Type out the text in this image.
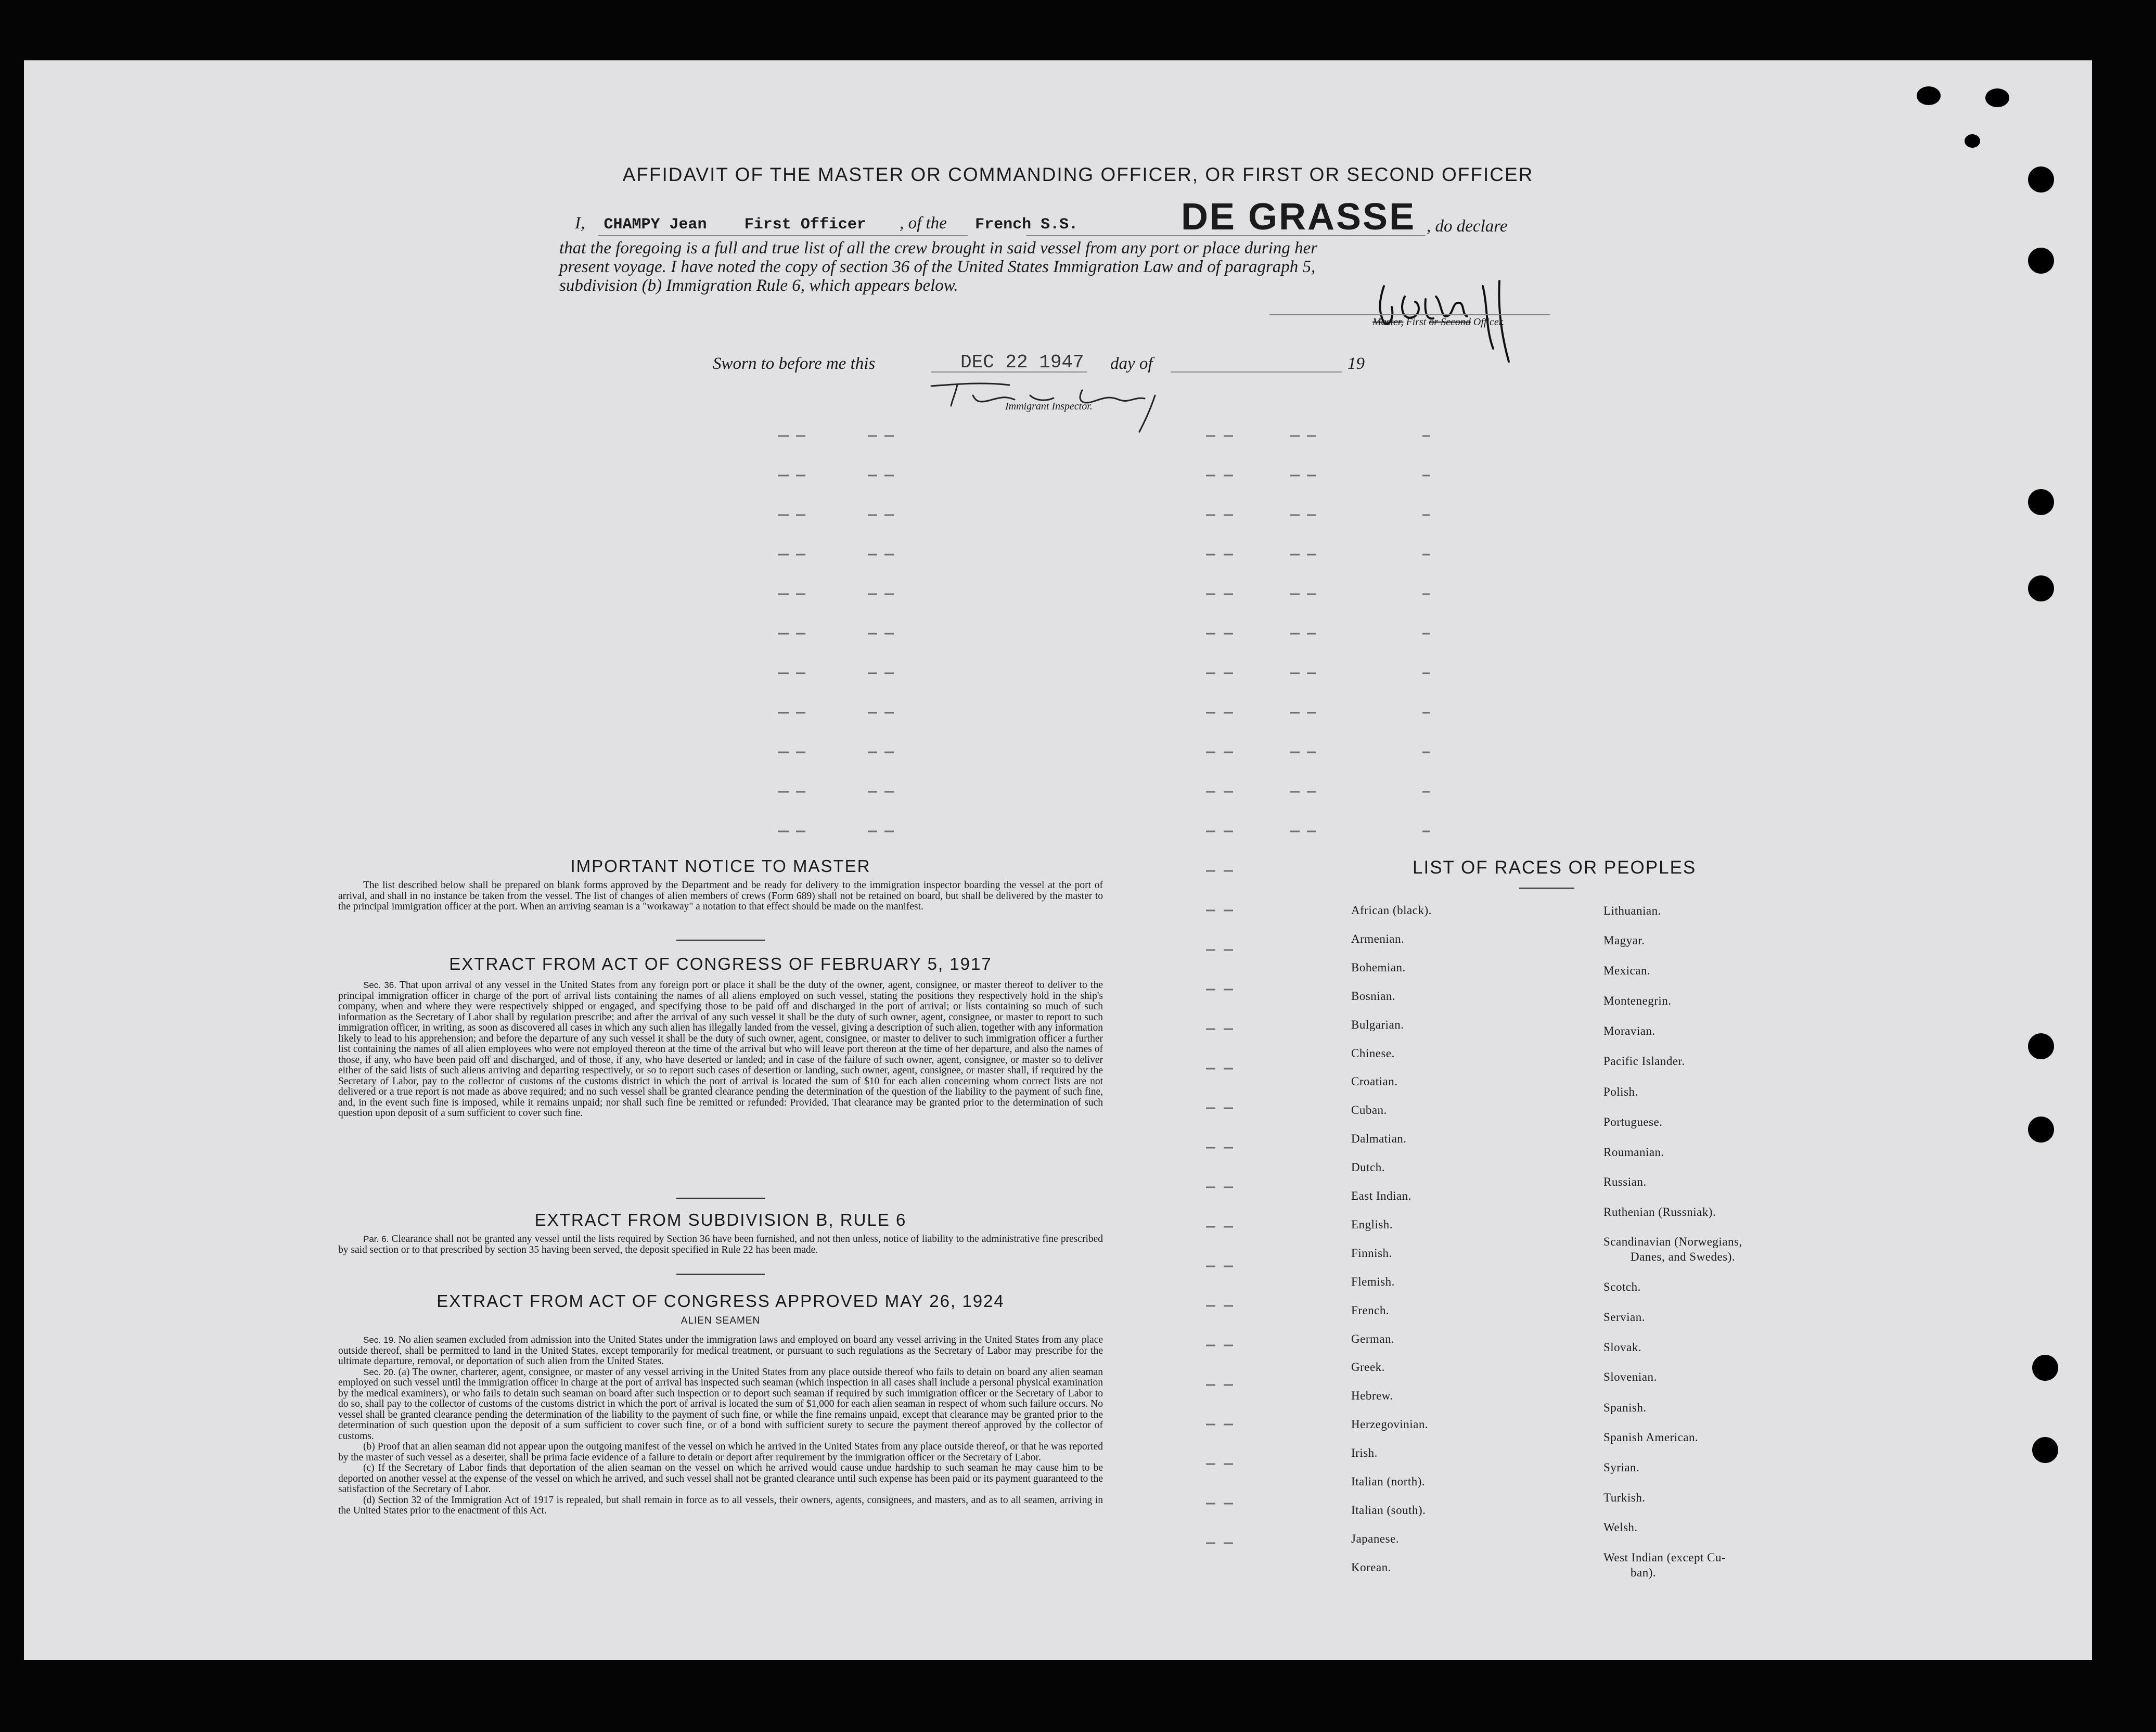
AFFIDAVIT OF THE MASTER OR COMMANDING OFFICER, OR FIRST OR SECOND OFFICER
I, CHAMPY Jean First Officer , of the French S.S.	DE GRASSE , do declare
that the foregoing is a full and true list of all the crew brought in said vessel from any port or place during her
present voyage. I have noted the copy of section 36 of the United States Immigration Law and of paragraph 5,
subdivision (b) Immigration Rule 6, which appears below.
Master, First or Second Officer.
Sworn to before me this	DEC 22 1947 day of	19
Immigrant Inspector.
IMPORTANT NOTICE TO MASTER

The list described below shall be prepared on blank forms approved by the Department and be ready for delivery to the immigration inspector boarding the vessel at the port of arrival, and shall in no instance be taken from the vessel. The list of changes of alien members of crews (Form 689) shall not be retained on board, but shall be delivered by the master to the principal immigration officer at the port. When an arriving seaman is a "workaway" a notation to that effect should be made on the manifest.

EXTRACT FROM ACT OF CONGRESS OF FEBRUARY 5, 1917

Sec. 36. That upon arrival of any vessel in the United States from any foreign port or place it shall be the duty of the owner, agent, consignee, or master thereof to deliver to the principal immigration officer in charge of the port of arrival lists containing the names of all aliens employed on such vessel, stating the positions they respectively hold in the ship's company, when and where they were respectively shipped or engaged, and specifying those to be paid off and discharged in the port of arrival; or lists containing so much of such information as the Secretary of Labor shall by regulation prescribe; and after the arrival of any such vessel it shall be the duty of such owner, agent, consignee, or master to report to such immigration officer, in writing, as soon as discovered all cases in which any such alien has illegally landed from the vessel, giving a description of such alien, together with any information likely to lead to his apprehension; and before the departure of any such vessel it shall be the duty of such owner, agent, consignee, or master to deliver to such immigration officer a further list containing the names of all alien employees who were not employed thereon at the time of the arrival but who will leave port thereon at the time of her departure, and also the names of those, if any, who have been paid off and discharged, and of those, if any, who have deserted or landed; and in case of the failure of such owner, agent, consignee, or master so to deliver either of the said lists of such aliens arriving and departing respectively, or so to report such cases of desertion or landing, such owner, agent, consignee, or master shall, if required by the Secretary of Labor, pay to the collector of customs of the customs district in which the port of arrival is located the sum of $10 for each alien concerning whom correct lists are not delivered or a true report is not made as above required; and no such vessel shall be granted clearance pending the determination of the question of the liability to the payment of such fine, and, in the event such fine is imposed, while it remains unpaid; nor shall such fine be remitted or refunded: Provided, That clearance may be granted prior to the determination of such question upon deposit of a sum sufficient to cover such fine.

EXTRACT FROM SUBDIVISION B, RULE 6

Par. 6. Clearance shall not be granted any vessel until the lists required by Section 36 have been furnished, and not then unless, notice of liability to the administrative fine prescribed by said section or to that prescribed by section 35 having been served, the deposit specified in Rule 22 has been made.

EXTRACT FROM ACT OF CONGRESS APPROVED MAY 26, 1924
ALIEN SEAMEN

Sec. 19. No alien seamen excluded from admission into the United States under the immigration laws and employed on board any vessel arriving in the United States from any place outside thereof, shall be permitted to land in the United States, except temporarily for medical treatment, or pursuant to such regulations as the Secretary of Labor may prescribe for the ultimate departure, removal, or deportation of such alien from the United States.

Sec. 20. (a) The owner, charterer, agent, consignee, or master of any vessel arriving in the United States from any place outside thereof who fails to detain on board any alien seaman employed on such vessel until the immigration officer in charge at the port of arrival has inspected such seaman (which inspection in all cases shall include a personal physical examination by the medical examiners), or who fails to detain such seaman on board after such inspection or to deport such seaman if required by such immigration officer or the Secretary of Labor to do so, shall pay to the collector of customs of the customs district in which the port of arrival is located the sum of $1,000 for each alien seaman in respect of whom such failure occurs. No vessel shall be granted clearance pending the determination of the liability to the payment of such fine, or while the fine remains unpaid, except that clearance may be granted prior to the determination of such question upon the deposit of a sum sufficient to cover such fine, or of a bond with sufficient surety to secure the payment thereof approved by the collector of customs.

(b) Proof that an alien seaman did not appear upon the outgoing manifest of the vessel on which he arrived in the United States from any place outside thereof, or that he was reported by the master of such vessel as a deserter, shall be prima facie evidence of a failure to detain or deport after requirement by the immigration officer or the Secretary of Labor.

(c) If the Secretary of Labor finds that deportation of the alien seaman on the vessel on which he arrived would cause undue hardship to such seaman he may cause him to be deported on another vessel at the expense of the vessel on which he arrived, and such vessel shall not be granted clearance until such expense has been paid or its payment guaranteed to the satisfaction of the Secretary of Labor.

(d) Section 32 of the Immigration Act of 1917 is repealed, but shall remain in force as to all vessels, their owners, agents, consignees, and masters, and as to all seamen, arriving in the United States prior to the enactment of this Act.

LIST OF RACES OR PEOPLES
African (black).
Armenian.
Bohemian.
Bosnian.
Bulgarian.
Chinese.
Croatian.
Cuban.
Dalmatian.
Dutch.
East Indian.
English.
Finnish.
Flemish.
French.
German.
Greek.
Hebrew.
Herzegovinian.
Irish.
Italian (north).
Italian (south).
Japanese.
Korean.
Lithuanian.
Magyar.
Mexican.
Montenegrin.
Moravian.
Pacific Islander.
Polish.
Portuguese.
Roumanian.
Russian.
Ruthenian (Russniak).
Scandinavian (Norwegians,
Danes, and Swedes).
Scotch.
Servian.
Slovak.
Slovenian.
Spanish.
Spanish American.
Syrian.
Turkish.
Welsh.
West Indian (except Cu-
ban).
